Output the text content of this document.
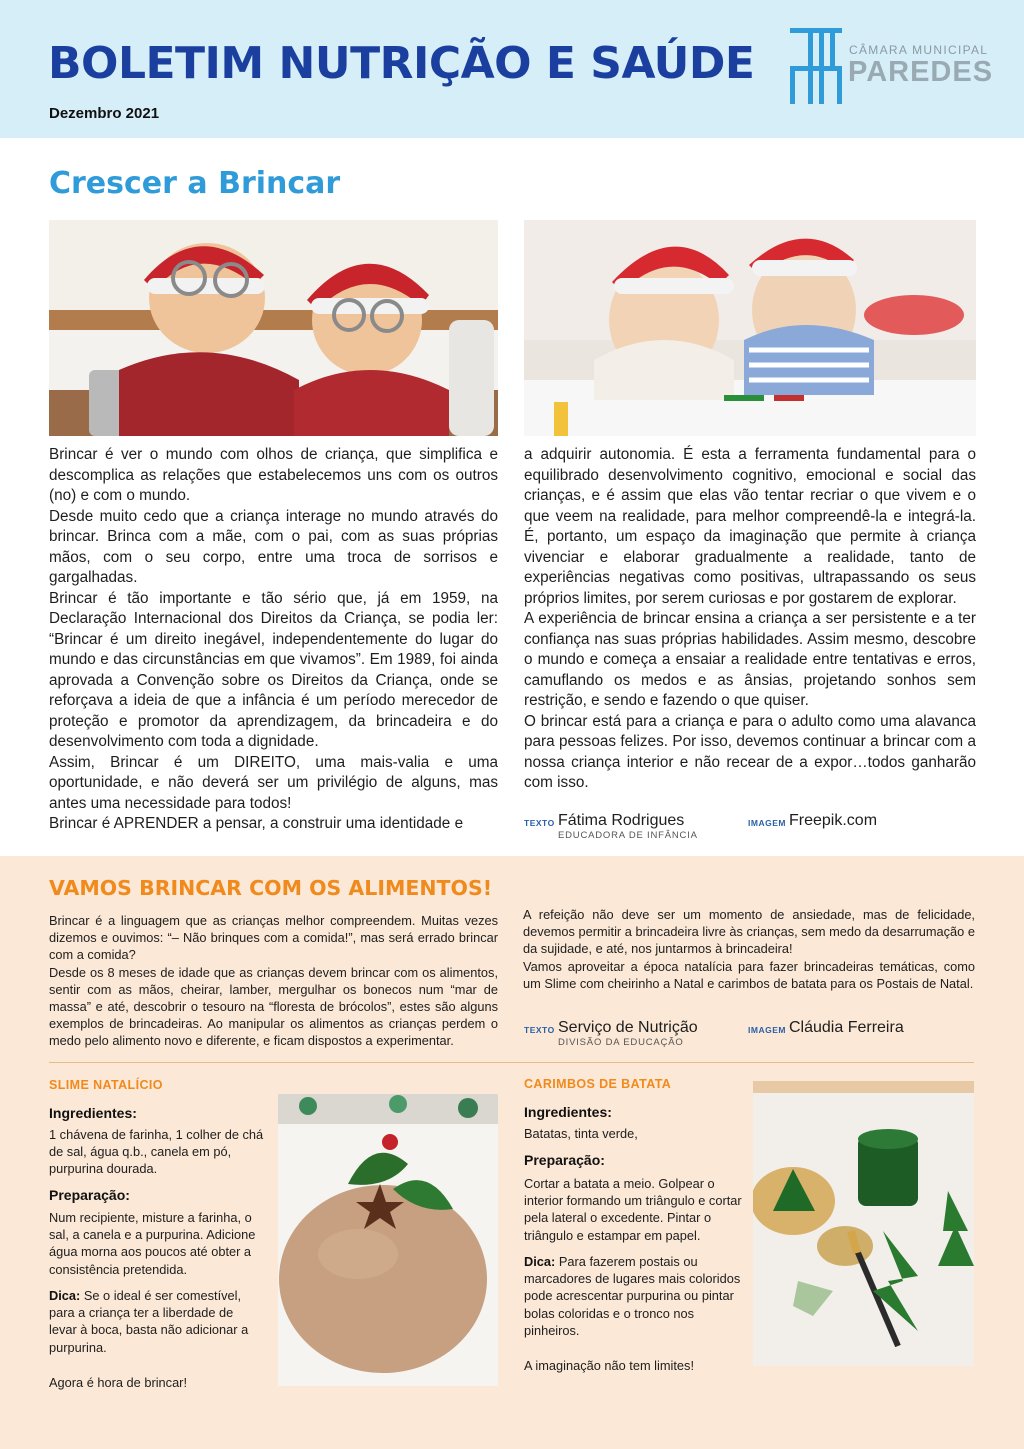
BOLETIM NUTRIÇÃO E SAÚDE
Dezembro 2021
CÂMARA MUNICIPAL
PAREDES
Crescer a Brincar

Brincar é ver o mundo com olhos de criança, que simplifica e descomplica as relações que estabelecemos uns com os outros (no) e com o mundo.

Desde muito cedo que a criança interage no mundo através do brincar. Brinca com a mãe, com o pai, com as suas próprias mãos, com o seu corpo, entre uma troca de sorrisos e gargalhadas.

Brincar é tão importante e tão sério que, já em 1959, na Declaração Internacional dos Direitos da Criança, se podia ler: “Brincar é um direito inegável, independentemente do lugar do mundo e das circunstâncias em que vivamos”. Em 1989, foi ainda aprovada a Convenção sobre os Direitos da Criança, onde se reforçava a ideia de que a infância é um período merecedor de proteção e promotor da aprendizagem, da brincadeira e do desenvolvimento com toda a dignidade.

Assim, Brincar é um DIREITO, uma mais-valia e uma oportunidade, e não deverá ser um privilégio de alguns, mas antes uma necessidade para todos!

Brincar é APRENDER a pensar, a construir uma identidade e

a adquirir autonomia. É esta a ferramenta fundamental para o equilibrado desenvolvimento cognitivo, emocional e social das crianças, e é assim que elas vão tentar recriar o que vivem e o que veem na realidade, para melhor compreendê-la e integrá-la. É, portanto, um espaço da imaginação que permite à criança vivenciar e elaborar gradualmente a realidade, tanto de experiências negativas como positivas, ultrapassando os seus próprios limites, por serem curiosas e por gostarem de explorar.

A experiência de brincar ensina a criança a ser persistente e a ter confiança nas suas próprias habilidades. Assim mesmo, descobre o mundo e começa a ensaiar a realidade entre tentativas e erros, camuflando os medos e as ânsias, projetando sonhos sem restrição, e sendo e fazendo o que quiser.

O brincar está para a criança e para o adulto como uma alavanca para pessoas felizes. Por isso, devemos continuar a brincar com a nossa criança interior e não recear de a expor…todos ganharão com isso.

TEXTO Fátima Rodrigues
EDUCADORA DE INFÂNCIA
IMAGEM Freepik.com
VAMOS BRINCAR COM OS ALIMENTOS!

Brincar é a linguagem que as crianças melhor compreendem. Muitas vezes dizemos e ouvimos: “– Não brinques com a comida!”, mas será errado brincar com a comida?

Desde os 8 meses de idade que as crianças devem brincar com os alimentos, sentir com as mãos, cheirar, lamber, mergulhar os bonecos num “mar de massa” e até, descobrir o tesouro na “floresta de brócolos”, estes são alguns exemplos de brincadeiras. Ao manipular os alimentos as crianças perdem o medo pelo alimento novo e diferente, e ficam dispostos a experimentar.

A refeição não deve ser um momento de ansiedade, mas de felicidade, devemos permitir a brincadeira livre às crianças, sem medo da desarrumação e da sujidade, e até, nos juntarmos à brincadeira!

Vamos aproveitar a época natalícia para fazer brincadeiras temáticas, como um Slime com cheirinho a Natal e carimbos de batata para os Postais de Natal.

TEXTO Serviço de Nutrição
DIVISÃO DA EDUCAÇÃO
IMAGEM Cláudia Ferreira
SLIME NATALÍCIO
Ingredientes:
1 chávena de farinha, 1 colher de chá de sal, água q.b., canela em pó, purpurina dourada.
Preparação:
Num recipiente, misture a farinha, o sal, a canela e a purpurina. Adicione água morna aos poucos até obter a consistência pretendida.
Dica: Se o ideal é ser comestível, para a criança ter a liberdade de levar à boca, basta não adicionar a purpurina.
Agora é hora de brincar!
CARIMBOS DE BATATA
Ingredientes:
Batatas, tinta verde,
Preparação:
Cortar a batata a meio. Golpear o interior formando um triângulo e cortar pela lateral o excedente. Pintar o triângulo e estampar em papel.
Dica: Para fazerem postais ou marcadores de lugares mais coloridos pode acrescentar purpurina ou pintar bolas coloridas e o tronco nos pinheiros.
A imaginação não tem limites!
